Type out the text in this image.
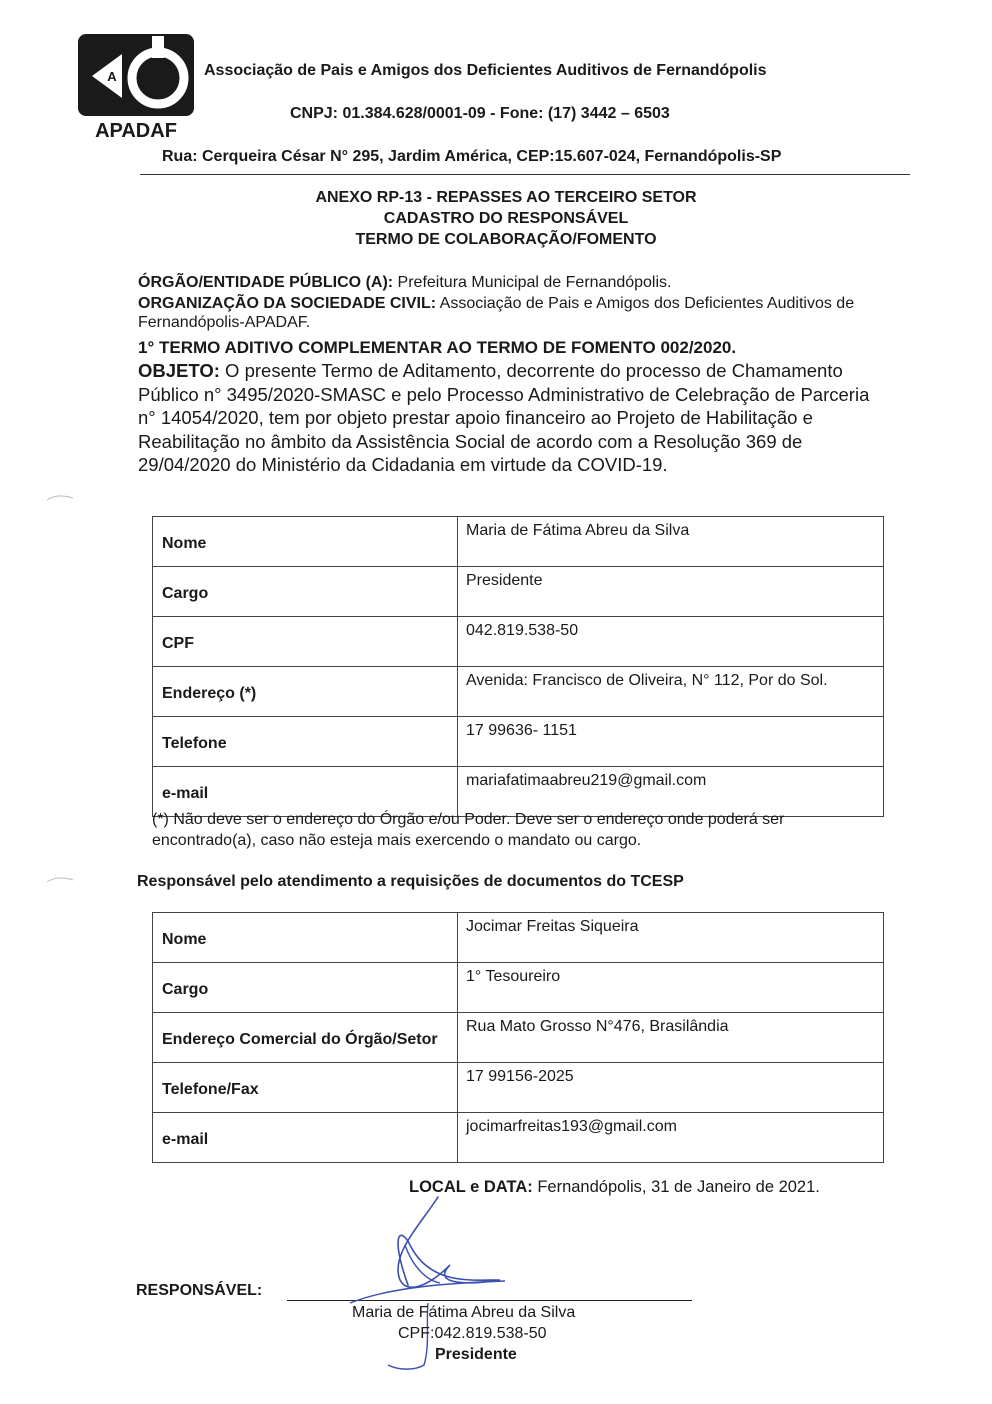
A
APADAF
Associação de Pais e Amigos dos Deficientes Auditivos de Fernandópolis
CNPJ: 01.384.628/0001-09 - Fone: (17) 3442 – 6503
Rua: Cerqueira César N° 295, Jardim América, CEP:15.607-024, Fernandópolis-SP
ANEXO RP-13 - REPASSES AO TERCEIRO SETOR
CADASTRO DO RESPONSÁVEL
TERMO DE COLABORAÇÃO/FOMENTO
ÓRGÃO/ENTIDADE PÚBLICO (A): Prefeitura Municipal de Fernandópolis.
ORGANIZAÇÃO DA SOCIEDADE CIVIL: Associação de Pais e Amigos dos Deficientes Auditivos de Fernandópolis-APADAF.
1° TERMO ADITIVO COMPLEMENTAR AO TERMO DE FOMENTO 002/2020.
OBJETO: O presente Termo de Aditamento, decorrente do processo de Chamamento Público n° 3495/2020-SMASC e pelo Processo Administrativo de Celebração de Parceria n° 14054/2020, tem por objeto prestar apoio financeiro ao Projeto de Habilitação e Reabilitação no âmbito da Assistência Social de acordo com a Resolução 369 de 29/04/2020 do Ministério da Cidadania em virtude da COVID-19.
Nome	Maria de Fátima Abreu da Silva
Cargo	Presidente
CPF	042.819.538-50
Endereço (*)	Avenida: Francisco de Oliveira, N° 112, Por do Sol.
Telefone	17 99636- 1151
e-mail	mariafatimaabreu219@gmail.com
(*) Não deve ser o endereço do Órgão e/ou Poder. Deve ser o endereço onde poderá ser encontrado(a), caso não esteja mais exercendo o mandato ou cargo.
Responsável pelo atendimento a requisições de documentos do TCESP
Nome	Jocimar Freitas Siqueira
Cargo	1° Tesoureiro
Endereço Comercial do Órgão/Setor	Rua Mato Grosso N°476, Brasilândia
Telefone/Fax	17 99156-2025
e-mail	jocimarfreitas193@gmail.com
LOCAL e DATA: Fernandópolis, 31 de Janeiro de 2021.
RESPONSÁVEL:
Maria de Fátima Abreu da Silva
CPF:042.819.538-50
Presidente
